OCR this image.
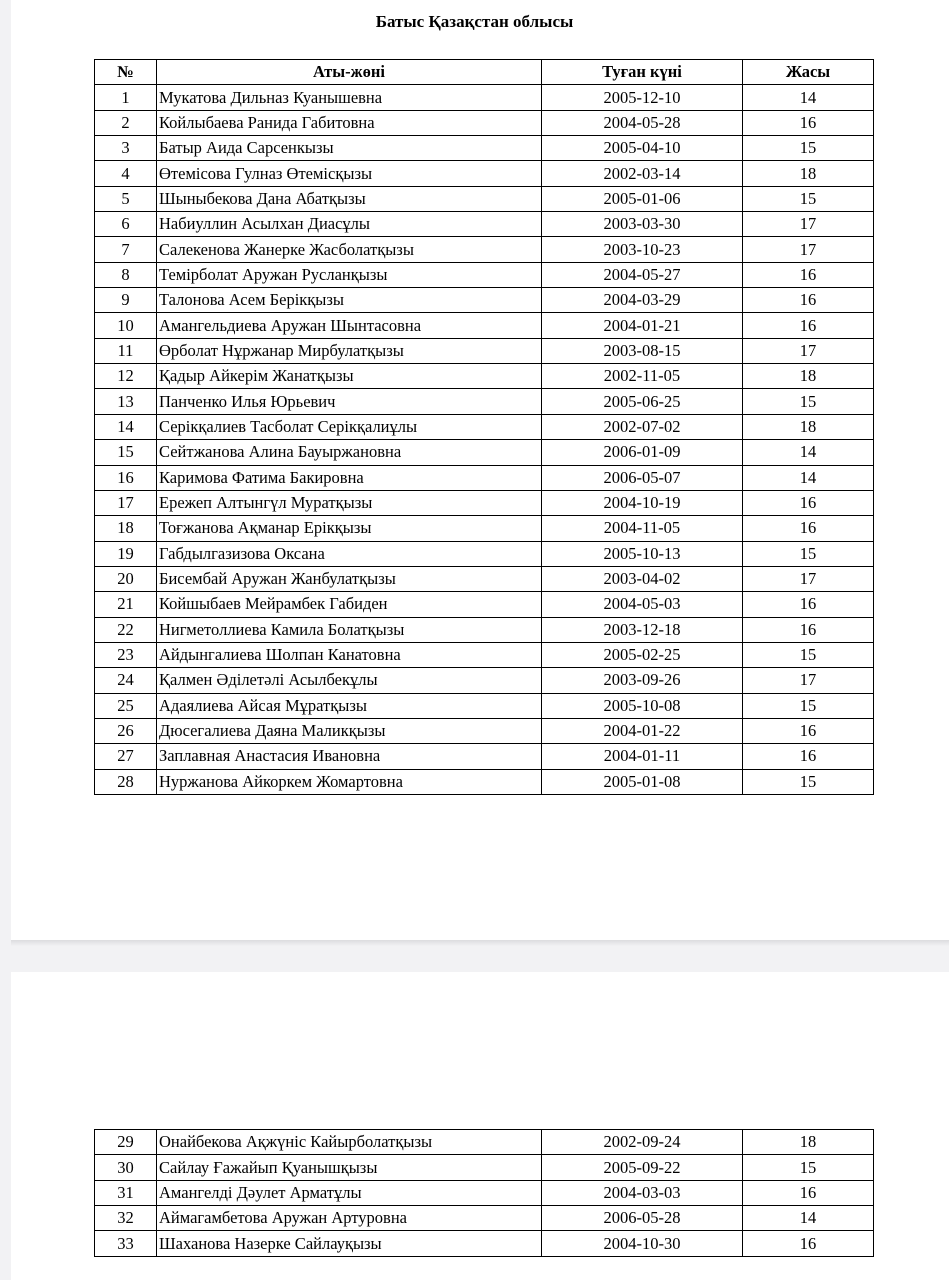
Батыс Қазақстан облысы
№	Аты-жөні	Туған күні	Жасы
1	Мукатова Дильназ Куанышевна	2005-12-10	14
2	Койлыбаева Ранида Габитовна	2004-05-28	16
3	Батыр Аида Сарсенкызы	2005-04-10	15
4	Өтемісова Гулназ Өтемісқызы	2002-03-14	18
5	Шыныбекова Дана Абатқызы	2005-01-06	15
6	Набиуллин Асылхан Диасұлы	2003-03-30	17
7	Салекенова Жанерке Жасболатқызы	2003-10-23	17
8	Темірболат Аружан Русланқызы	2004-05-27	16
9	Талонова Асем Берікқызы	2004-03-29	16
10	Амангельдиева Аружан Шынтасовна	2004-01-21	16
11	Өрболат Нұржанар Мирбулатқызы	2003-08-15	17
12	Қадыр Айкерім Жанатқызы	2002-11-05	18
13	Панченко Илья Юрьевич	2005-06-25	15
14	Серікқалиев Тасболат Серікқалиұлы	2002-07-02	18
15	Сейтжанова Алина Бауыржановна	2006-01-09	14
16	Каримова Фатима Бакировна	2006-05-07	14
17	Ережеп Алтынгүл Муратқызы	2004-10-19	16
18	Тоғжанова Ақманар Ерікқызы	2004-11-05	16
19	Габдылгазизова Оксана	2005-10-13	15
20	Бисембай Аружан Жанбулатқызы	2003-04-02	17
21	Койшыбаев Мейрамбек Габиден	2004-05-03	16
22	Нигметоллиева Камила Болатқызы	2003-12-18	16
23	Айдынгалиева Шолпан Канатовна	2005-02-25	15
24	Қалмен Әділетәлі Асылбекұлы	2003-09-26	17
25	Адаялиева Айсая Мұратқызы	2005-10-08	15
26	Дюсегалиева Даяна Маликқызы	2004-01-22	16
27	Заплавная Анастасия Ивановна	2004-01-11	16
28	Нуржанова Айкоркем Жомартовна	2005-01-08	15
29	Онайбекова Ақжүніс Кайырболатқызы	2002-09-24	18
30	Сайлау Ғажайып Қуанышқызы	2005-09-22	15
31	Амангелді Дәулет Арматұлы	2004-03-03	16
32	Аймагамбетова Аружан Артуровна	2006-05-28	14
33	Шаханова Назерке Сайлауқызы	2004-10-30	16
